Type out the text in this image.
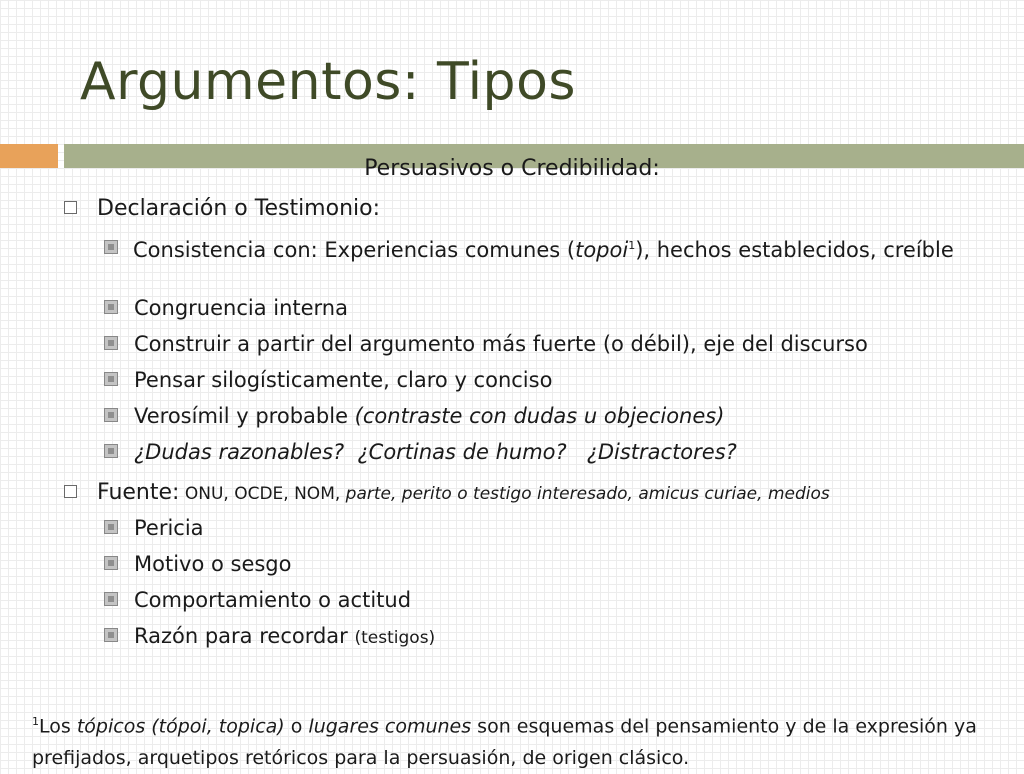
Argumentos: Tipos
Persuasivos o Credibilidad:
Declaración o Testimonio:
Consistencia con: Experiencias comunes (topoi$^1$), hechos establecidos, creíble
Congruencia interna
Construir a partir del argumento más fuerte (o débil), eje del discurso
Pensar silogísticamente, claro y conciso
Verosímil y probable (contraste con dudas u objeciones)
¿Dudas razonables?  ¿Cortinas de humo?   ¿Distractores?
Fuente: ONU, OCDE, NOM, parte, perito o testigo interesado, amicus curiae, medios
Pericia
Motivo o sesgo
Comportamiento o actitud
Razón para recordar (testigos)
$^1$Los tópicos (tópoi, topica) o lugares comunes son esquemas del pensamiento y de la expresión ya prefijados, arquetipos retóricos para la persuasión, de origen clásico.
